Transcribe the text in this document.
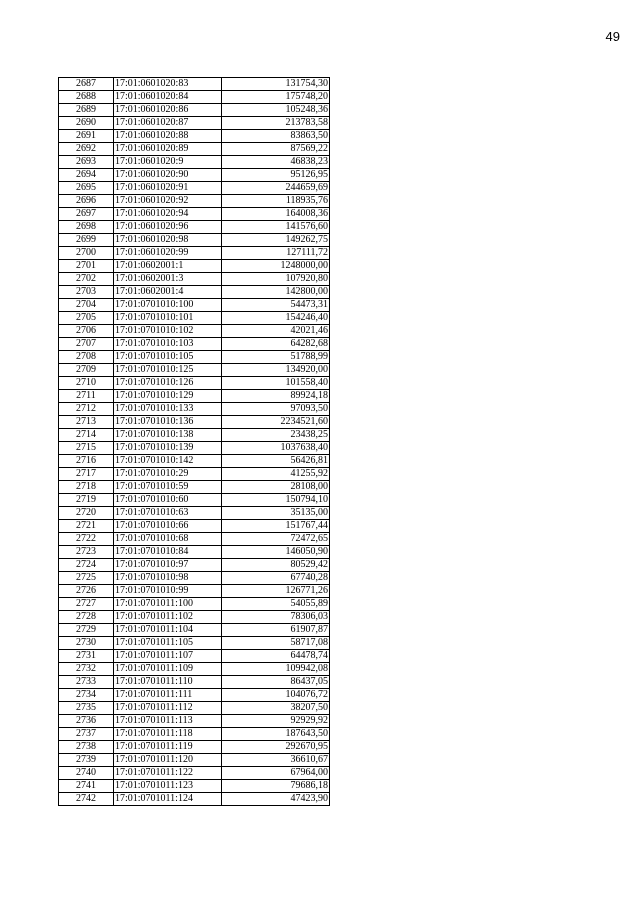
49
2687	17:01:0601020:83	131754,30
2688	17:01:0601020:84	175748,20
2689	17:01:0601020:86	105248,36
2690	17:01:0601020:87	213783,58
2691	17:01:0601020:88	83863,50
2692	17:01:0601020:89	87569,22
2693	17:01:0601020:9	46838,23
2694	17:01:0601020:90	95126,95
2695	17:01:0601020:91	244659,69
2696	17:01:0601020:92	118935,76
2697	17:01:0601020:94	164008,36
2698	17:01:0601020:96	141576,60
2699	17:01:0601020:98	149262,75
2700	17:01:0601020:99	127111,72
2701	17:01:0602001:1	1248000,00
2702	17:01:0602001:3	107920,80
2703	17:01:0602001:4	142800,00
2704	17:01:0701010:100	54473,31
2705	17:01:0701010:101	154246,40
2706	17:01:0701010:102	42021,46
2707	17:01:0701010:103	64282,68
2708	17:01:0701010:105	51788,99
2709	17:01:0701010:125	134920,00
2710	17:01:0701010:126	101558,40
2711	17:01:0701010:129	89924,18
2712	17:01:0701010:133	97093,50
2713	17:01:0701010:136	2234521,60
2714	17:01:0701010:138	23438,25
2715	17:01:0701010:139	1037638,40
2716	17:01:0701010:142	56426,81
2717	17:01:0701010:29	41255,92
2718	17:01:0701010:59	28108,00
2719	17:01:0701010:60	150794,10
2720	17:01:0701010:63	35135,00
2721	17:01:0701010:66	151767,44
2722	17:01:0701010:68	72472,65
2723	17:01:0701010:84	146050,90
2724	17:01:0701010:97	80529,42
2725	17:01:0701010:98	67740,28
2726	17:01:0701010:99	126771,26
2727	17:01:0701011:100	54055,89
2728	17:01:0701011:102	78306,03
2729	17:01:0701011:104	61907,87
2730	17:01:0701011:105	58717,08
2731	17:01:0701011:107	64478,74
2732	17:01:0701011:109	109942,08
2733	17:01:0701011:110	86437,05
2734	17:01:0701011:111	104076,72
2735	17:01:0701011:112	38207,50
2736	17:01:0701011:113	92929,92
2737	17:01:0701011:118	187643,50
2738	17:01:0701011:119	292670,95
2739	17:01:0701011:120	36610,67
2740	17:01:0701011:122	67964,00
2741	17:01:0701011:123	79686,18
2742	17:01:0701011:124	47423,90
